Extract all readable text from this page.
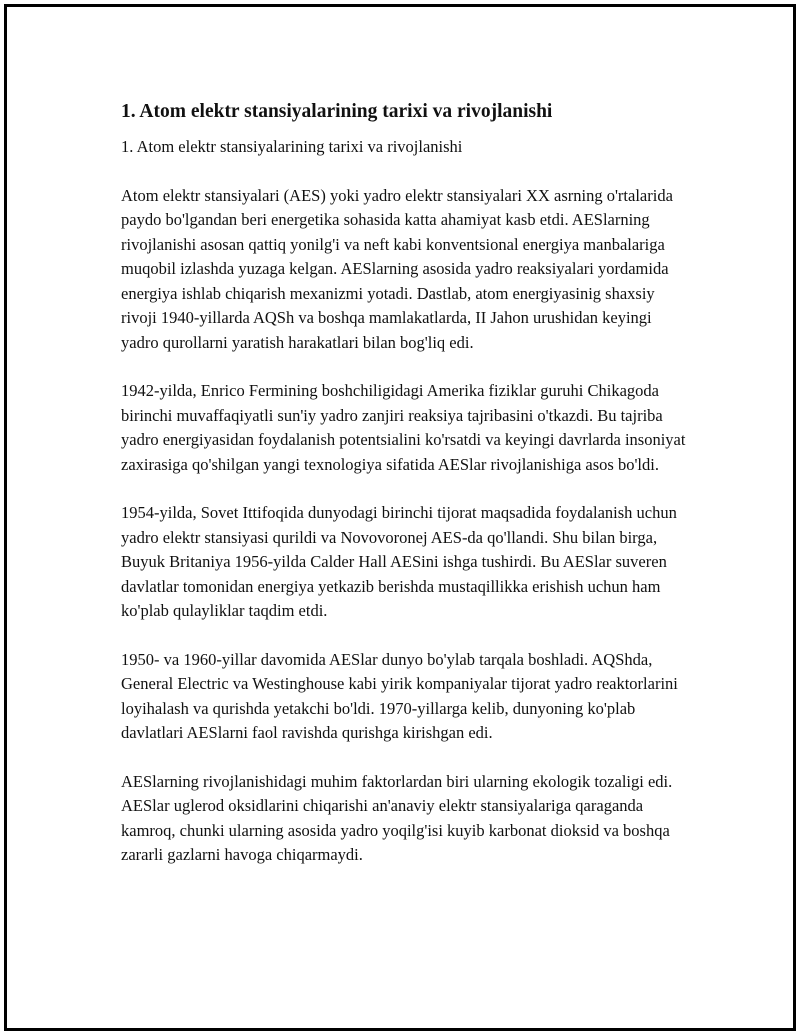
1. Atom elektr stansiyalarining tarixi va rivojlanishi

1. Atom elektr stansiyalarining tarixi va rivojlanishi

Atom elektr stansiyalari (AES) yoki yadro elektr stansiyalari XX asrning o'rtalarida paydo bo'lgandan beri energetika sohasida katta ahamiyat kasb etdi. AESlarning rivojlanishi asosan qattiq yonilg'i va neft kabi konventsional energiya manbalariga muqobil izlashda yuzaga kelgan. AESlarning asosida yadro reaksiyalari yordamida energiya ishlab chiqarish mexanizmi yotadi. Dastlab, atom energiyasinig shaxsiy rivoji 1940-yillarda AQSh va boshqa mamlakatlarda, II Jahon urushidan keyingi yadro qurollarni yaratish harakatlari bilan bog'liq edi.

1942-yilda, Enrico Fermining boshchiligidagi Amerika fiziklar guruhi Chikagoda birinchi muvaffaqiyatli sun'iy yadro zanjiri reaksiya tajribasini o'tkazdi. Bu tajriba yadro energiyasidan foydalanish potentsialini ko'rsatdi va keyingi davrlarda insoniyat zaxirasiga qo'shilgan yangi texnologiya sifatida AESlar rivojlanishiga asos bo'ldi.

1954-yilda, Sovet Ittifoqida dunyodagi birinchi tijorat maqsadida foydalanish uchun yadro elektr stansiyasi qurildi va Novovoronej AES-da qo'llandi. Shu bilan birga, Buyuk Britaniya 1956-yilda Calder Hall AESini ishga tushirdi. Bu AESlar suveren davlatlar tomonidan energiya yetkazib berishda mustaqillikka erishish uchun ham ko'plab qulayliklar taqdim etdi.

1950- va 1960-yillar davomida AESlar dunyo bo'ylab tarqala boshladi. AQShda, General Electric va Westinghouse kabi yirik kompaniyalar tijorat yadro reaktorlarini loyihalash va qurishda yetakchi bo'ldi. 1970-yillarga kelib, dunyoning ko'plab davlatlari AESlarni faol ravishda qurishga kirishgan edi.

AESlarning rivojlanishidagi muhim faktorlardan biri ularning ekologik tozaligi edi. AESlar uglerod oksidlarini chiqarishi an'anaviy elektr stansiyalariga qaraganda kamroq, chunki ularning asosida yadro yoqilg'isi kuyib karbonat dioksid va boshqa zararli gazlarni havoga chiqarmaydi.
